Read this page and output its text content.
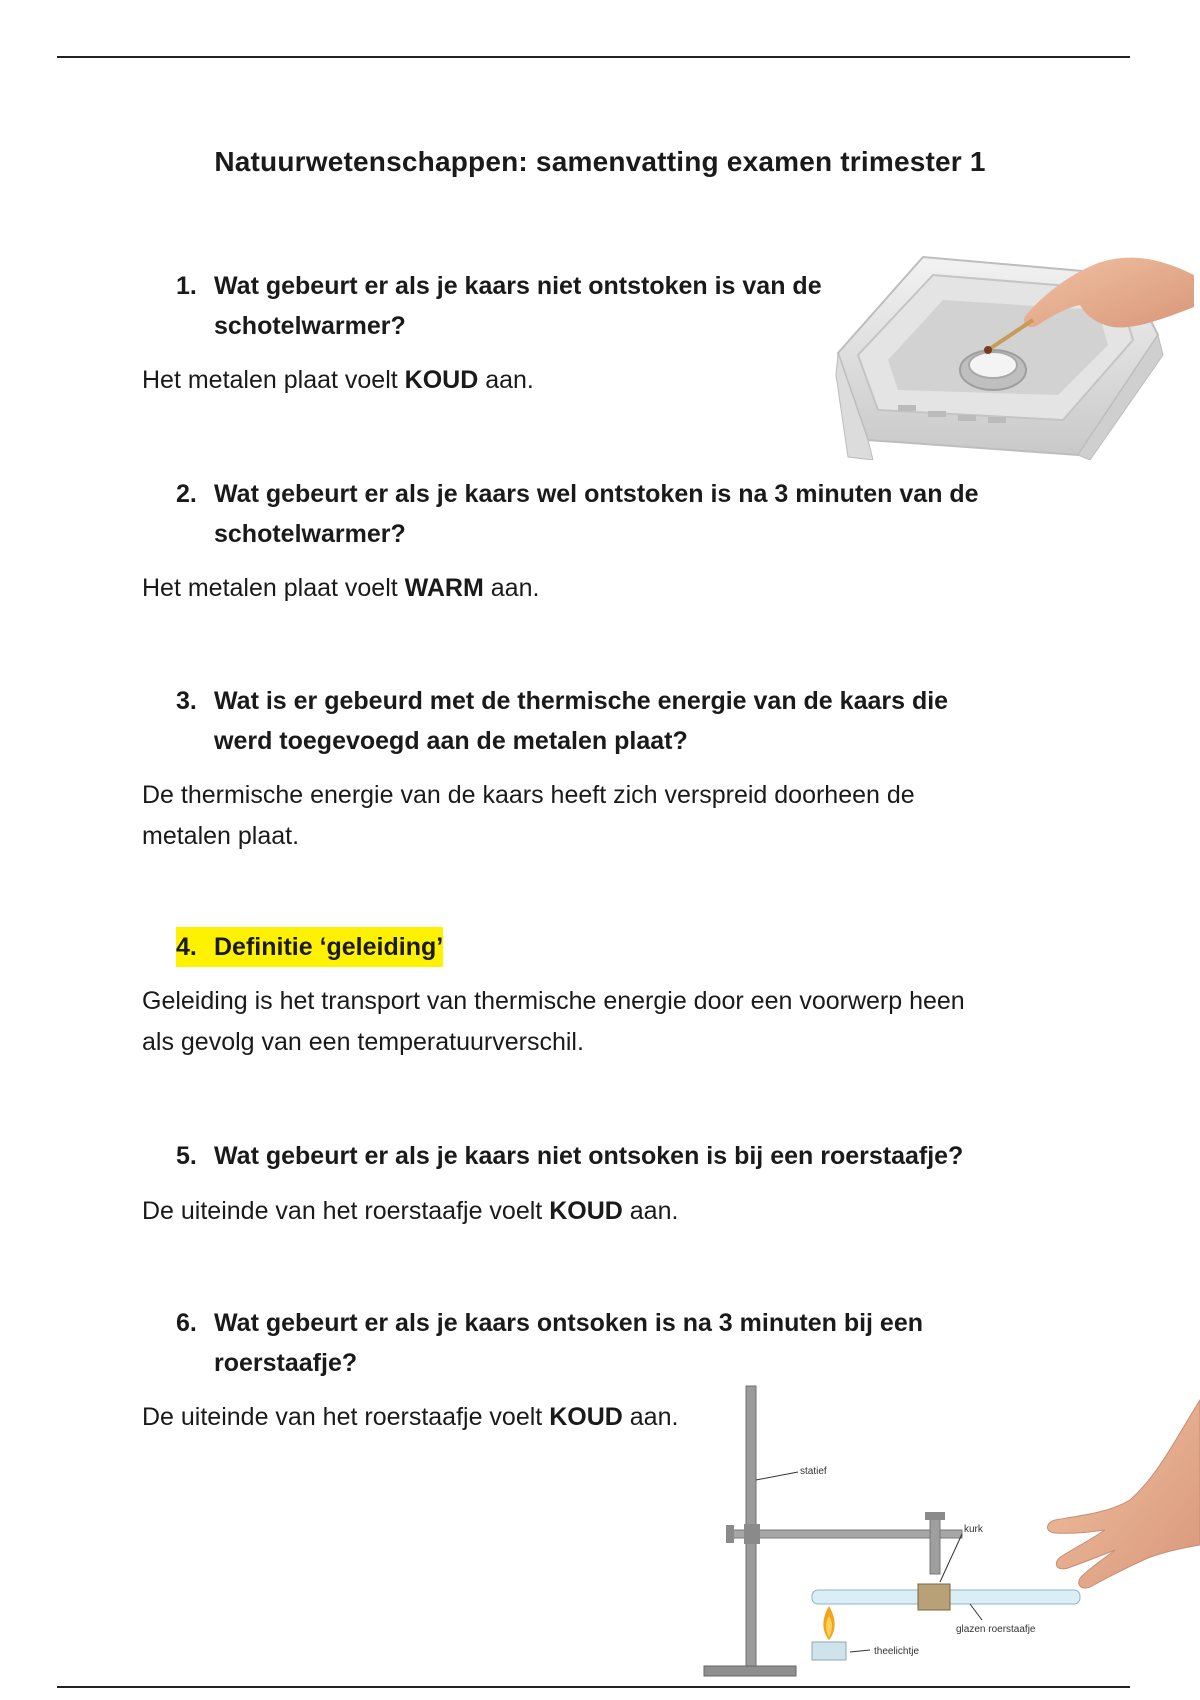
Natuurwetenschappen: samenvatting examen trimester 1
1. Wat gebeurt er als je kaars niet ontstoken is van de schotelwarmer?
Het metalen plaat voelt KOUD aan.
2. Wat gebeurt er als je kaars wel ontstoken is na 3 minuten van de schotelwarmer?
Het metalen plaat voelt WARM aan.
3. Wat is er gebeurd met de thermische energie van de kaars die werd toegevoegd aan de metalen plaat?
De thermische energie van de kaars heeft zich verspreid doorheen de metalen plaat.
4. Definitie ‘geleiding’
Geleiding is het transport van thermische energie door een voorwerp heen als gevolg van een temperatuurverschil.
5. Wat gebeurt er als je kaars niet ontsoken is bij een roerstaafje?
De uiteinde van het roerstaafje voelt KOUD aan.
6. Wat gebeurt er als je kaars ontsoken is na 3 minuten bij een roerstaafje?
De uiteinde van het roerstaafje voelt KOUD aan.
statief
kurk
glazen roerstaafje
theelichtje
